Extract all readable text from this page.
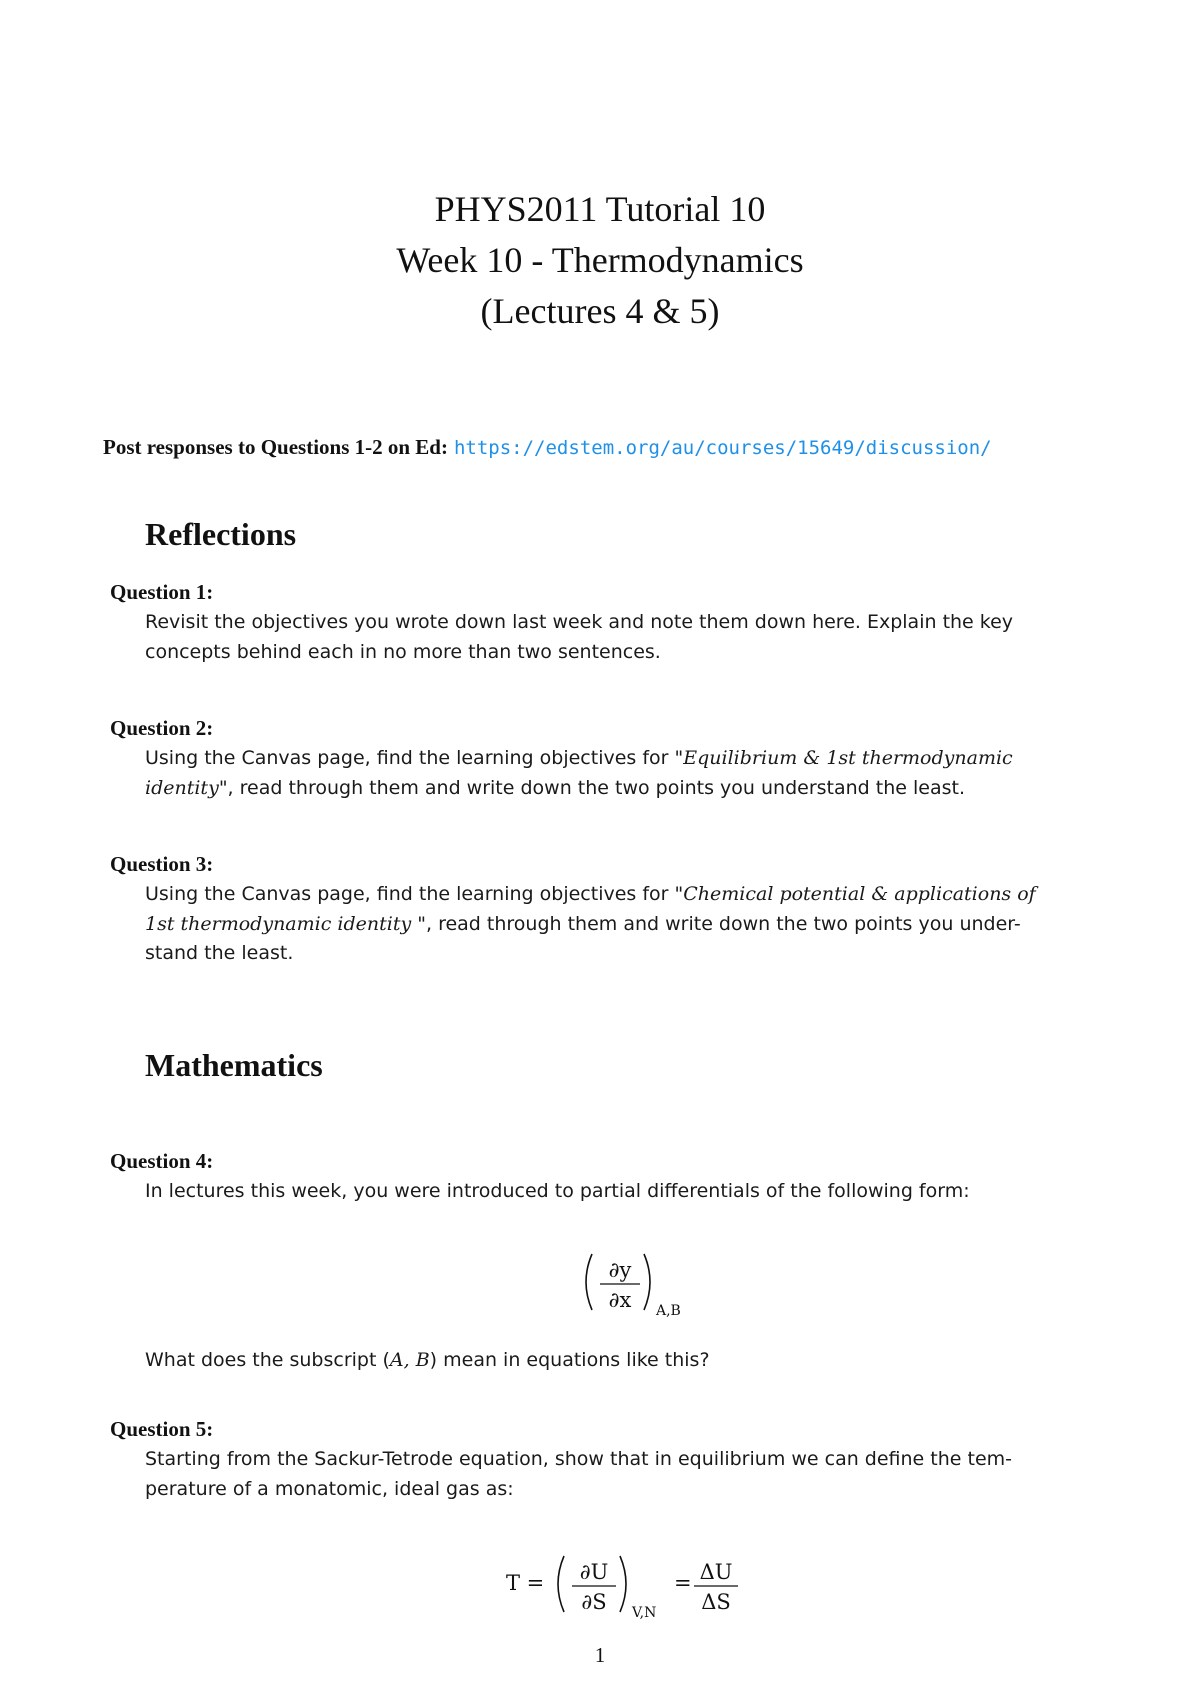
PHYS2011 Tutorial 10
Week 10 - Thermodynamics
(Lectures 4 & 5)
Post responses to Questions 1-2 on Ed: https://edstem.org/au/courses/15649/discussion/
Reflections
Question 1:
Revisit the objectives you wrote down last week and note them down here. Explain the key
concepts behind each in no more than two sentences.
Question 2:
Using the Canvas page, find the learning objectives for "Equilibrium & 1st thermodynamic
identity", read through them and write down the two points you understand the least.
Question 3:
Using the Canvas page, find the learning objectives for "Chemical potential & applications of
1st thermodynamic identity ", read through them and write down the two points you under-
stand the least.
Mathematics
Question 4:
In lectures this week, you were introduced to partial differentials of the following form:
∂y
∂x A,B
What does the subscript (A, B) mean in equations like this?
Question 5:
Starting from the Sackur-Tetrode equation, show that in equilibrium we can define the tem-
perature of a monatomic, ideal gas as:
T = ∂U
∂S V,N
= ΔU
ΔS
1
